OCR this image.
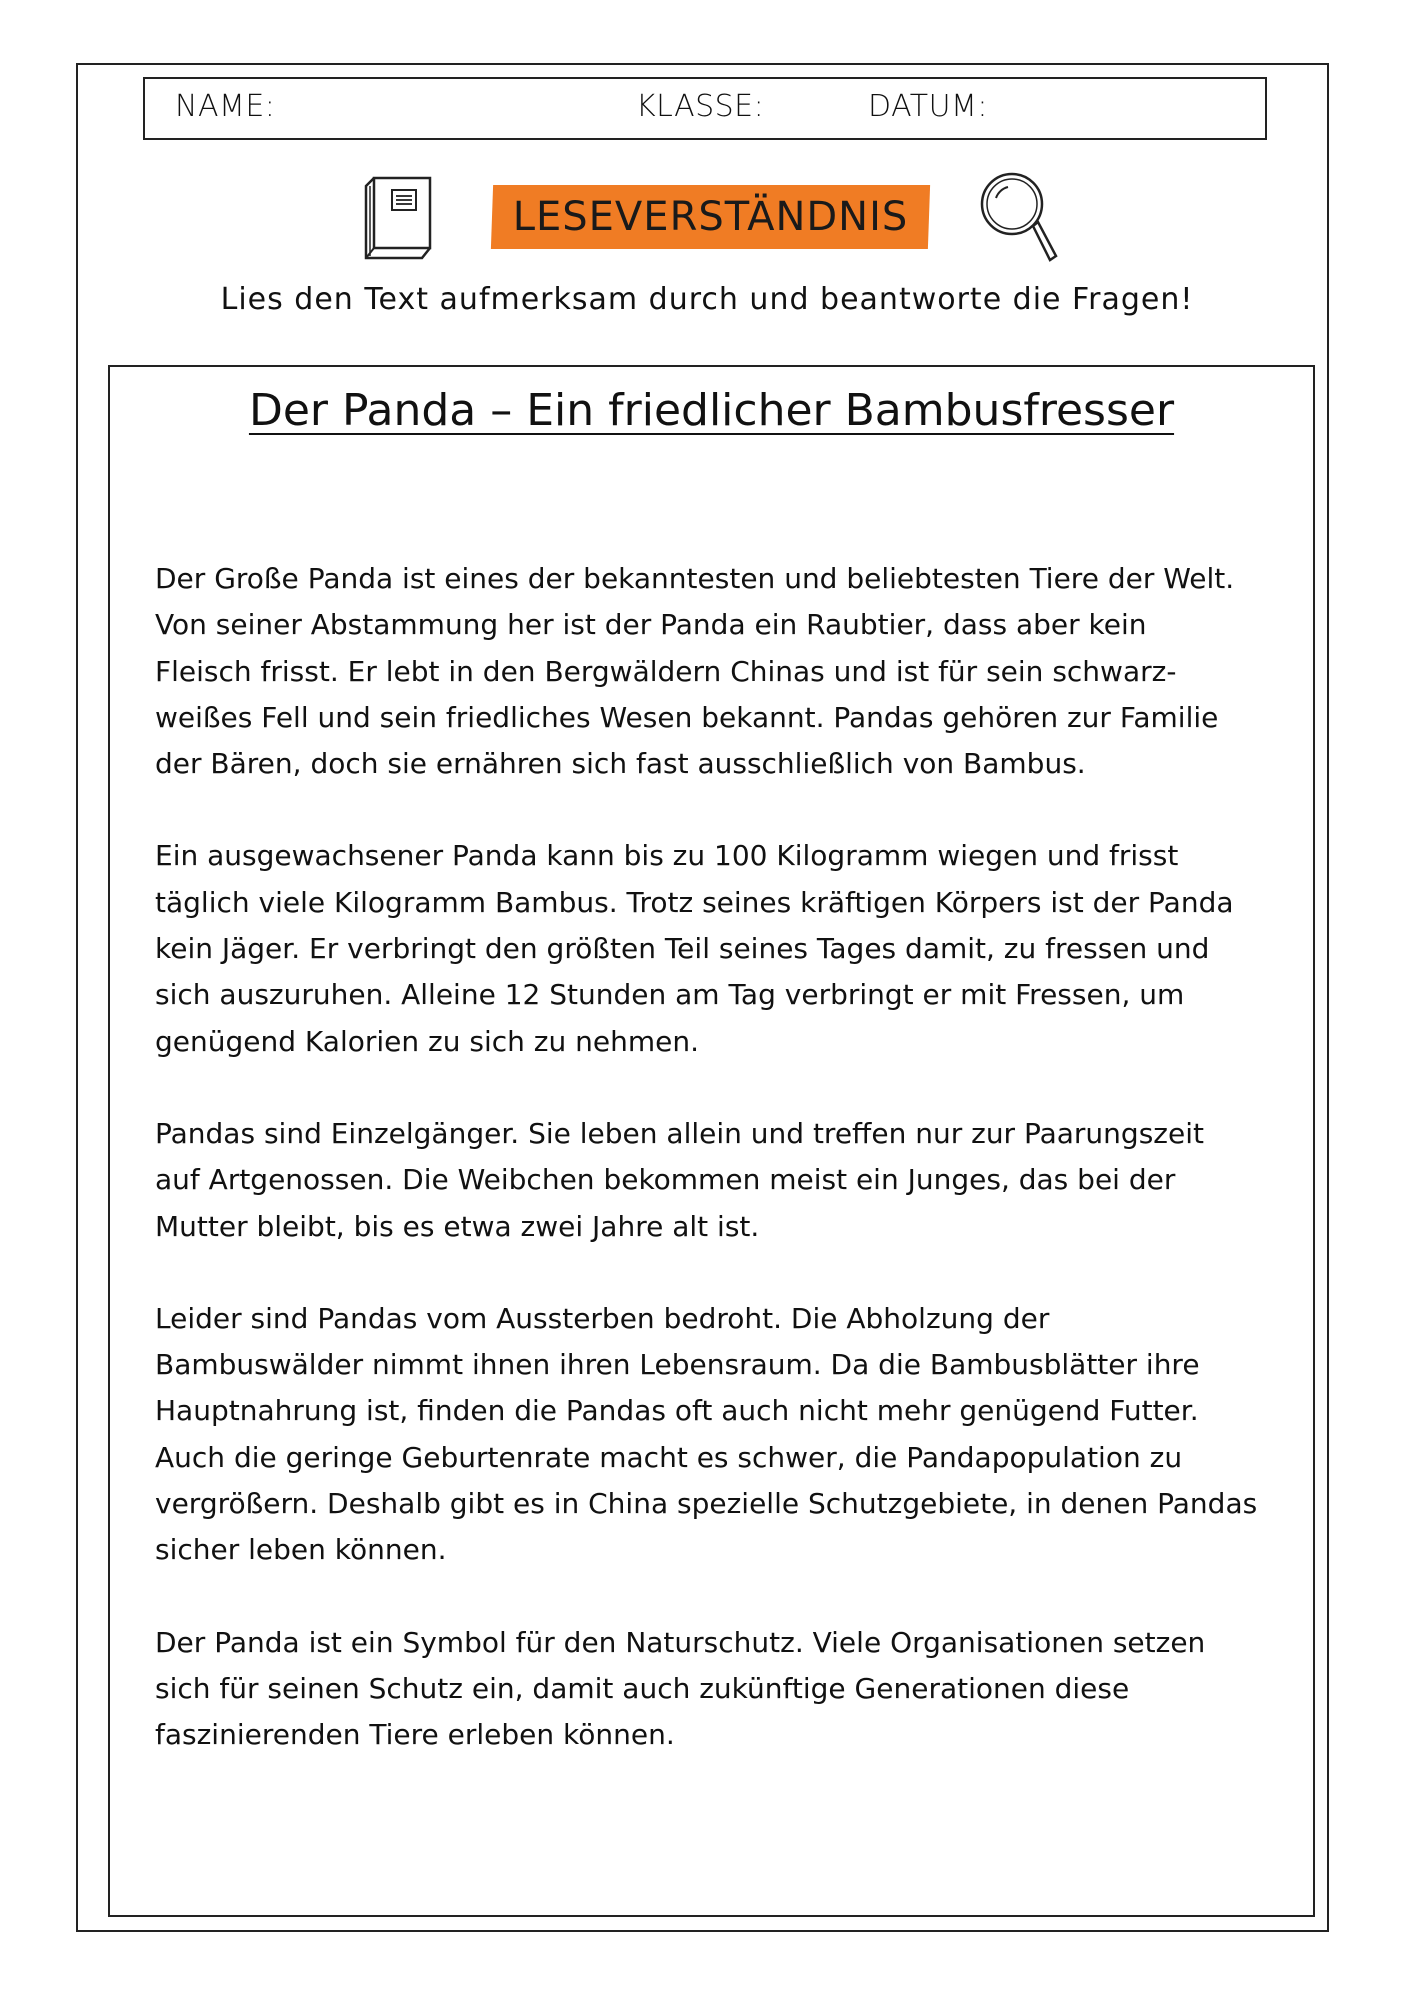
NAME:	KLASSE:	DATUM:
LESEVERSTÄNDNIS
Lies den Text aufmerksam durch und beantworte die Fragen!
Der Panda – Ein friedlicher Bambusfresser

Der Große Panda ist eines der bekanntesten und beliebtesten Tiere der Welt.
Von seiner Abstammung her ist der Panda ein Raubtier, dass aber kein
Fleisch frisst. Er lebt in den Bergwäldern Chinas und ist für sein schwarz-
weißes Fell und sein friedliches Wesen bekannt. Pandas gehören zur Familie
der Bären, doch sie ernähren sich fast ausschließlich von Bambus.

Ein ausgewachsener Panda kann bis zu 100 Kilogramm wiegen und frisst
täglich viele Kilogramm Bambus. Trotz seines kräftigen Körpers ist der Panda
kein Jäger. Er verbringt den größten Teil seines Tages damit, zu fressen und
sich auszuruhen. Alleine 12 Stunden am Tag verbringt er mit Fressen, um
genügend Kalorien zu sich zu nehmen.

Pandas sind Einzelgänger. Sie leben allein und treffen nur zur Paarungszeit
auf Artgenossen. Die Weibchen bekommen meist ein Junges, das bei der
Mutter bleibt, bis es etwa zwei Jahre alt ist.

Leider sind Pandas vom Aussterben bedroht. Die Abholzung der
Bambuswälder nimmt ihnen ihren Lebensraum. Da die Bambusblätter ihre
Hauptnahrung ist, finden die Pandas oft auch nicht mehr genügend Futter.
Auch die geringe Geburtenrate macht es schwer, die Pandapopulation zu
vergrößern. Deshalb gibt es in China spezielle Schutzgebiete, in denen Pandas
sicher leben können.

Der Panda ist ein Symbol für den Naturschutz. Viele Organisationen setzen
sich für seinen Schutz ein, damit auch zukünftige Generationen diese
faszinierenden Tiere erleben können.
